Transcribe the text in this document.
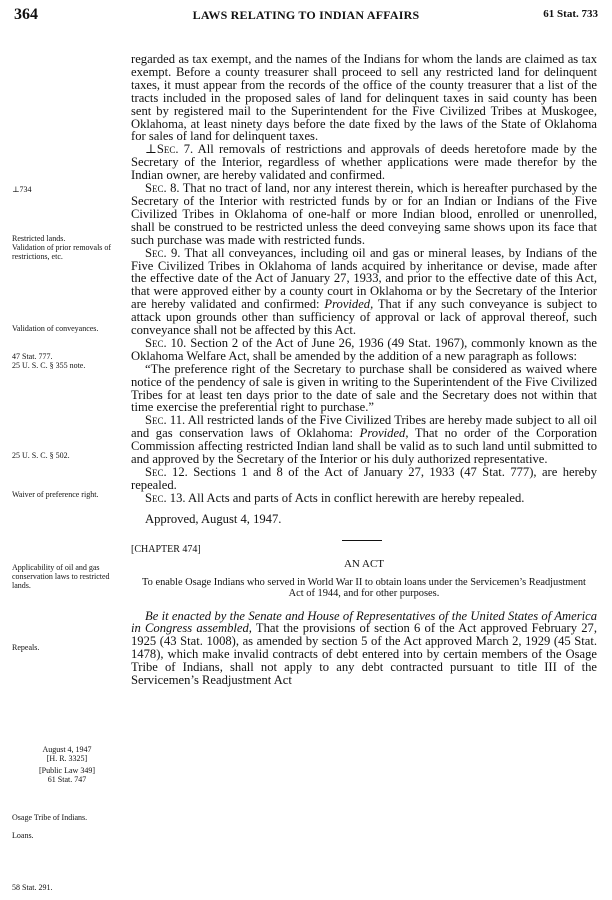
364	LAWS RELATING TO INDIAN AFFAIRS	61 Stat. 733
⊥734
Restricted lands.
Validation of prior removals of restrictions, etc.
Validation of conveyances.
47 Stat. 777.
25 U. S. C. § 355 note.
25 U. S. C. § 502.
Waiver of preference right.
Applicability of oil and gas conservation laws to restricted lands.
Repeals.
August 4, 1947
[H. R. 3325]
[Public Law 349]
61 Stat. 747
Osage Tribe of Indians.
Loans.
58 Stat. 291.

regarded as tax exempt, and the names of the Indians for whom the lands are claimed as tax exempt. Before a county treasurer shall proceed to sell any restricted land for delinquent taxes, it must appear from the records of the office of the county treasurer that a list of the tracts included in the proposed sales of land for delinquent taxes in said county has been sent by registered mail to the Superintendent for the Five Civilized Tribes at Muskogee, Oklahoma, at least ninety days before the date fixed by the laws of the State of Oklahoma for sales of land for delinquent taxes.

⊥Sec. 7. All removals of restrictions and approvals of deeds heretofore made by the Secretary of the Interior, regardless of whether applications were made therefor by the Indian owner, are hereby validated and confirmed.

Sec. 8. That no tract of land, nor any interest therein, which is hereafter purchased by the Secretary of the Interior with restricted funds by or for an Indian or Indians of the Five Civilized Tribes in Oklahoma of one-half or more Indian blood, enrolled or unenrolled, shall be construed to be restricted unless the deed conveying same shows upon its face that such purchase was made with restricted funds.

Sec. 9. That all conveyances, including oil and gas or mineral leases, by Indians of the Five Civilized Tribes in Oklahoma of lands acquired by inheritance or devise, made after the effective date of the Act of January 27, 1933, and prior to the effective date of this Act, that were approved either by a county court in Oklahoma or by the Secretary of the Interior are hereby validated and confirmed: Provided, That if any such conveyance is subject to attack upon grounds other than sufficiency of approval or lack of approval thereof, such conveyance shall not be affected by this Act.

Sec. 10. Section 2 of the Act of June 26, 1936 (49 Stat. 1967), commonly known as the Oklahoma Welfare Act, shall be amended by the addition of a new paragraph as follows:

“The preference right of the Secretary to purchase shall be considered as waived where notice of the pendency of sale is given in writing to the Superintendent of the Five Civilized Tribes for at least ten days prior to the date of sale and the Secretary does not within that time exercise the preferential right to purchase.”

Sec. 11. All restricted lands of the Five Civilized Tribes are hereby made subject to all oil and gas conservation laws of Oklahoma: Provided, That no order of the Corporation Commission affecting restricted Indian land shall be valid as to such land until submitted to and approved by the Secretary of the Interior or his duly authorized representative.

Sec. 12. Sections 1 and 8 of the Act of January 27, 1933 (47 Stat. 777), are hereby repealed.

Sec. 13. All Acts and parts of Acts in conflict herewith are hereby repealed.

Approved, August 4, 1947.

[CHAPTER 474]
AN ACT
To enable Osage Indians who served in World War II to obtain loans under the Servicemen’s Readjustment Act of 1944, and for other purposes.

Be it enacted by the Senate and House of Representatives of the United States of America in Congress assembled, That the provisions of section 6 of the Act approved February 27, 1925 (43 Stat. 1008), as amended by section 5 of the Act approved March 2, 1929 (45 Stat. 1478), which make invalid contracts of debt entered into by certain members of the Osage Tribe of Indians, shall not apply to any debt contracted pursuant to title III of the Servicemen’s Readjustment Act
